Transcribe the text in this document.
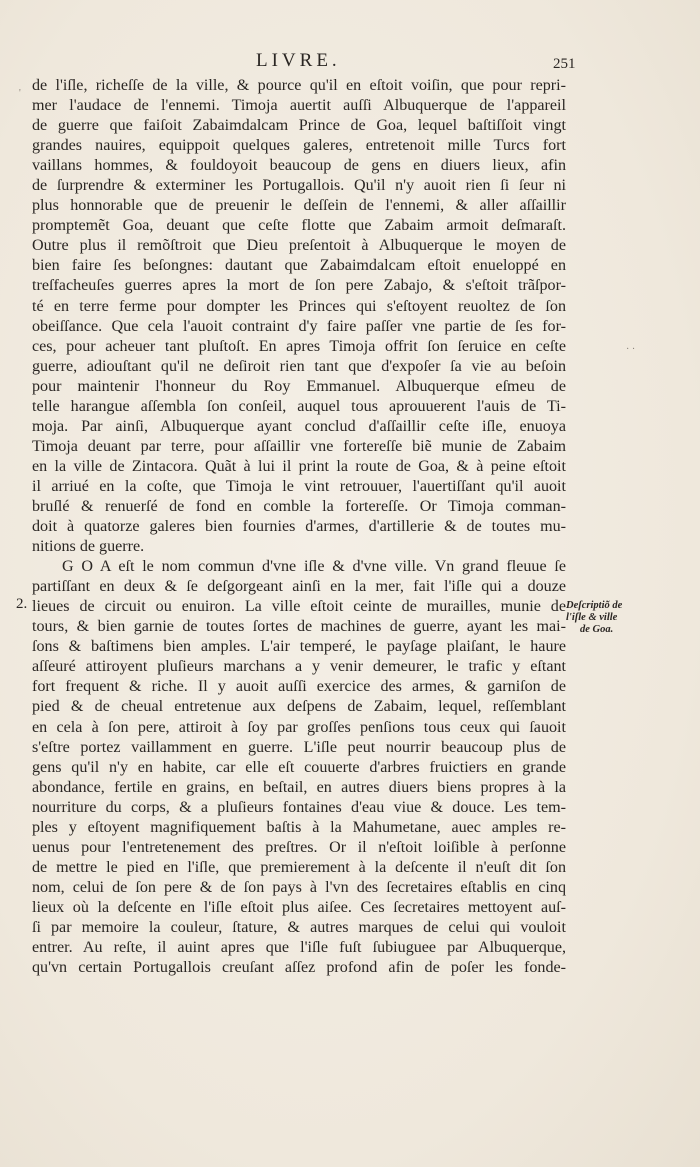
LIVRE.	251
'
· ·
de l'iſle, richeſſe de la ville, & pource qu'il en eſtoit voiſin, que pour repri-
mer l'audace de l'ennemi. Timoja auertit auſſi Albuquerque de l'appareil
de guerre que faiſoit Zabaimdalcam Prince de Goa, lequel baſtiſſoit vingt
grandes nauires, equippoit quelques galeres, entretenoit mille Turcs fort
vaillans hommes, & fouldoyoit beaucoup de gens en diuers lieux, afin
de ſurprendre & exterminer les Portugallois. Qu'il n'y auoit rien ſi ſeur ni
plus honnorable que de preuenir le deſſein de l'ennemi, & aller aſſaillir
promptemẽt Goa, deuant que ceſte flotte que Zabaim armoit deſmaraſt.
Outre plus il remõſtroit que Dieu preſentoit à Albuquerque le moyen de
bien faire ſes beſongnes: dautant que Zabaimdalcam eſtoit enueloppé en
treſfacheuſes guerres apres la mort de ſon pere Zabajo, & s'eſtoit trãſpor-
té en terre ferme pour dompter les Princes qui s'eſtoyent reuoltez de ſon
obeiſſance. Que cela l'auoit contraint d'y faire paſſer vne partie de ſes for-
ces, pour acheuer tant pluſtoſt. En apres Timoja offrit ſon ſeruice en ceſte
guerre, adiouſtant qu'il ne deſiroit rien tant que d'expoſer ſa vie au beſoin
pour maintenir l'honneur du Roy Emmanuel. Albuquerque eſmeu de
telle harangue aſſembla ſon conſeil, auquel tous aprouuerent l'auis de Ti-
moja. Par ainſi, Albuquerque ayant conclud d'aſſaillir ceſte iſle, enuoya
Timoja deuant par terre, pour aſſaillir vne fortereſſe biẽ munie de Zabaim
en la ville de Zintacora. Quãt à lui il print la route de Goa, & à peine eſtoit
il arriué en la coſte, que Timoja le vint retrouuer, l'auertiſſant qu'il auoit
bruſlé & renuerſé de fond en comble la fortereſſe. Or Timoja comman-
doit à quatorze galeres bien fournies d'armes, d'artillerie & de toutes mu-
nitions de guerre.
G O A eſt le nom commun d'vne iſle & d'vne ville. Vn grand fleuue ſe
partiſſant en deux & ſe deſgorgeant ainſi en la mer, fait l'iſle qui a douze
lieues de circuit ou enuiron. La ville eſtoit ceinte de murailles, munie de
tours, & bien garnie de toutes ſortes de machines de guerre, ayant les mai-
ſons & baſtimens bien amples. L'air temperé, le payſage plaiſant, le haure
aſſeuré attiroyent pluſieurs marchans a y venir demeurer, le trafic y eſtant
fort frequent & riche. Il y auoit auſſi exercice des armes, & garniſon de
pied & de cheual entretenue aux deſpens de Zabaim, lequel, reſſemblant
en cela à ſon pere, attiroit à ſoy par groſſes penſions tous ceux qui ſauoit
s'eſtre portez vaillamment en guerre. L'iſle peut nourrir beaucoup plus de
gens qu'il n'y en habite, car elle eſt couuerte d'arbres fruictiers en grande
abondance, fertile en grains, en beſtail, en autres diuers biens propres à la
nourriture du corps, & a pluſieurs fontaines d'eau viue & douce. Les tem-
ples y eſtoyent magnifiquement baſtis à la Mahumetane, auec amples re-
uenus pour l'entretenement des preſtres. Or il n'eſtoit loiſible à perſonne
de mettre le pied en l'iſle, que premierement à la deſcente il n'euſt dit ſon
nom, celui de ſon pere & de ſon pays à l'vn des ſecretaires eſtablis en cinq
lieux où la deſcente en l'iſle eſtoit plus aiſee. Ces ſecretaires mettoyent auſ-
ſi par memoire la couleur, ſtature, & autres marques de celui qui vouloit
entrer. Au reſte, il auint apres que l'iſle fuſt ſubiuguee par Albuquerque,
qu'vn certain Portugallois creuſant aſſez profond afin de poſer les fonde-
2.	Deſcriptiõ de
l'iſle & ville
de Goa.
